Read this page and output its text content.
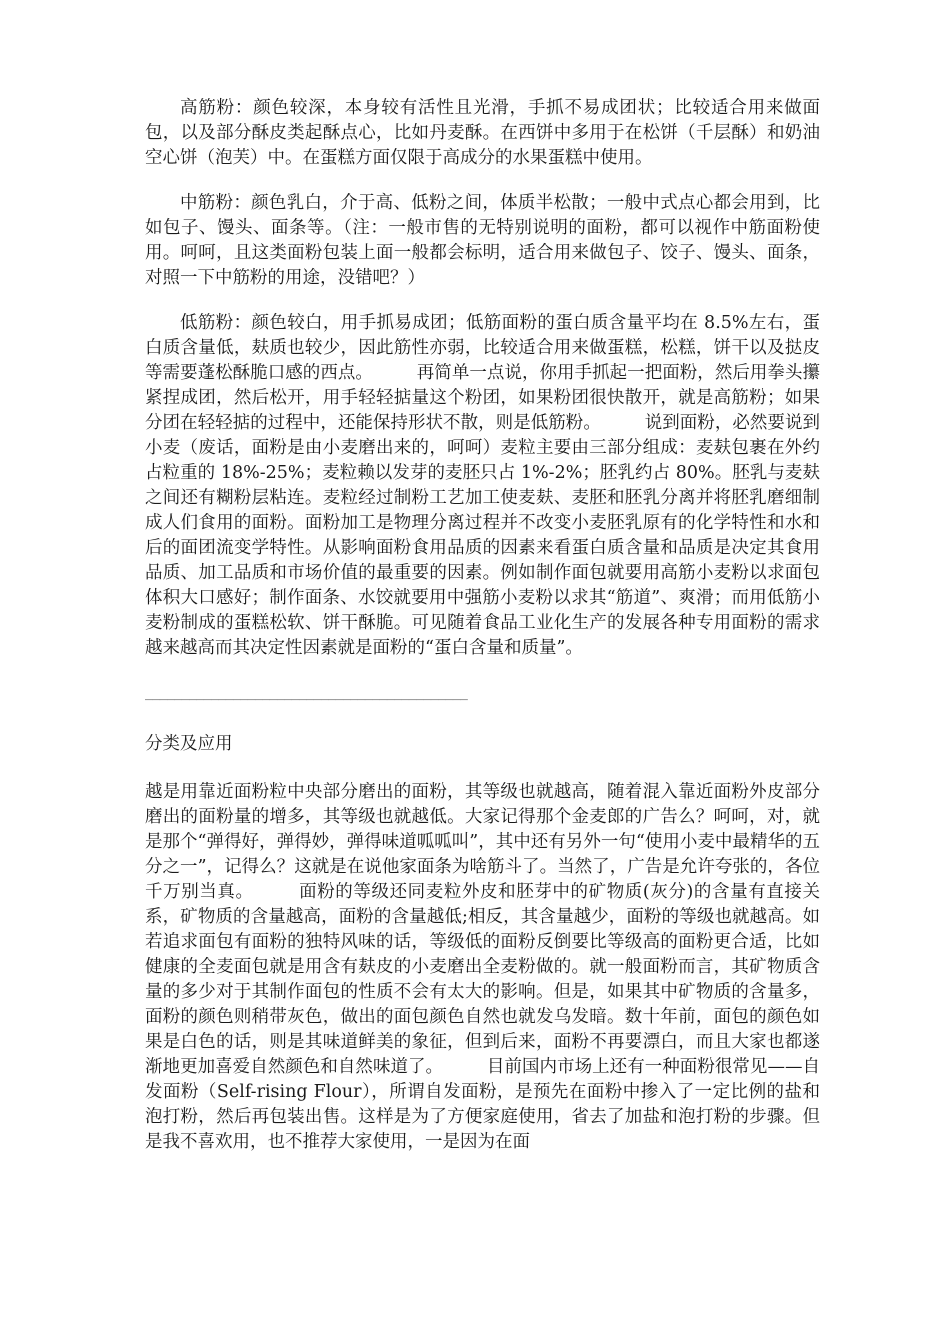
高筋粉：颜色较深，本身较有活性且光滑，手抓不易成团状；比较适合用来做面包，以及部分酥皮类起酥点心，比如丹麦酥。在西饼中多用于在松饼（千层酥）和奶油空心饼（泡芙）中。在蛋糕方面仅限于高成分的水果蛋糕中使用。

中筋粉：颜色乳白，介于高、低粉之间，体质半松散；一般中式点心都会用到，比如包子、馒头、面条等。（注：一般市售的无特别说明的面粉，都可以视作中筋面粉使用。呵呵，且这类面粉包装上面一般都会标明，适合用来做包子、饺子、馒头、面条，对照一下中筋粉的用途，没错吧？）

低筋粉：颜色较白，用手抓易成团；低筋面粉的蛋白质含量平均在 8.5%左右，蛋白质含量低，麸质也较少，因此筋性亦弱，比较适合用来做蛋糕，松糕，饼干以及挞皮等需要蓬松酥脆口感的西点。　　　再简单一点说，你用手抓起一把面粉，然后用拳头攥紧捏成团，然后松开，用手轻轻掂量这个粉团，如果粉团很快散开，就是高筋粉；如果分团在轻轻掂的过程中，还能保持形状不散，则是低筋粉。　　　说到面粉，必然要说到小麦（废话，面粉是由小麦磨出来的，呵呵）麦粒主要由三部分组成：麦麸包裹在外约占粒重的 18%-25%；麦粒赖以发芽的麦胚只占 1%-2%；胚乳约占 80%。胚乳与麦麸之间还有糊粉层粘连。麦粒经过制粉工艺加工使麦麸、麦胚和胚乳分离并将胚乳磨细制成人们食用的面粉。面粉加工是物理分离过程并不改变小麦胚乳原有的化学特性和水和后的面团流变学特性。从影响面粉食用品质的因素来看蛋白质含量和品质是决定其食用品质、加工品质和市场价值的最重要的因素。例如制作面包就要用高筋小麦粉以求面包体积大口感好；制作面条、水饺就要用中强筋小麦粉以求其“筋道”、爽滑；而用低筋小麦粉制成的蛋糕松软、饼干酥脆。可见随着食品工业化生产的发展各种专用面粉的需求越来越高而其决定性因素就是面粉的“蛋白含量和质量”。

____________________________________________
分类及应用

越是用靠近面粉粒中央部分磨出的面粉，其等级也就越高，随着混入靠近面粉外皮部分磨出的面粉量的增多，其等级也就越低。大家记得那个金麦郎的广告么？呵呵，对，就是那个“弹得好，弹得妙，弹得味道呱呱叫”，其中还有另外一句“使用小麦中最精华的五分之一”，记得么？这就是在说他家面条为啥筋斗了。当然了，广告是允许夸张的，各位千万别当真。　　　面粉的等级还同麦粒外皮和胚芽中的矿物质(灰分)的含量有直接关系，矿物质的含量越高，面粉的含量越低;相反，其含量越少，面粉的等级也就越高。如若追求面包有面粉的独特风味的话，等级低的面粉反倒要比等级高的面粉更合适，比如健康的全麦面包就是用含有麸皮的小麦磨出全麦粉做的。就一般面粉而言，其矿物质含量的多少对于其制作面包的性质不会有太大的影响。但是，如果其中矿物质的含量多，面粉的颜色则稍带灰色，做出的面包颜色自然也就发乌发暗。数十年前，面包的颜色如果是白色的话，则是其味道鲜美的象征，但到后来，面粉不再要漂白，而且大家也都遂渐地更加喜爱自然颜色和自然味道了。　　　目前国内市场上还有一种面粉很常见——自发面粉（Self-rising Flour），所谓自发面粉，是预先在面粉中掺入了一定比例的盐和泡打粉，然后再包装出售。这样是为了方便家庭使用，省去了加盐和泡打粉的步骤。但是我不喜欢用，也不推荐大家使用，一是因为在面
